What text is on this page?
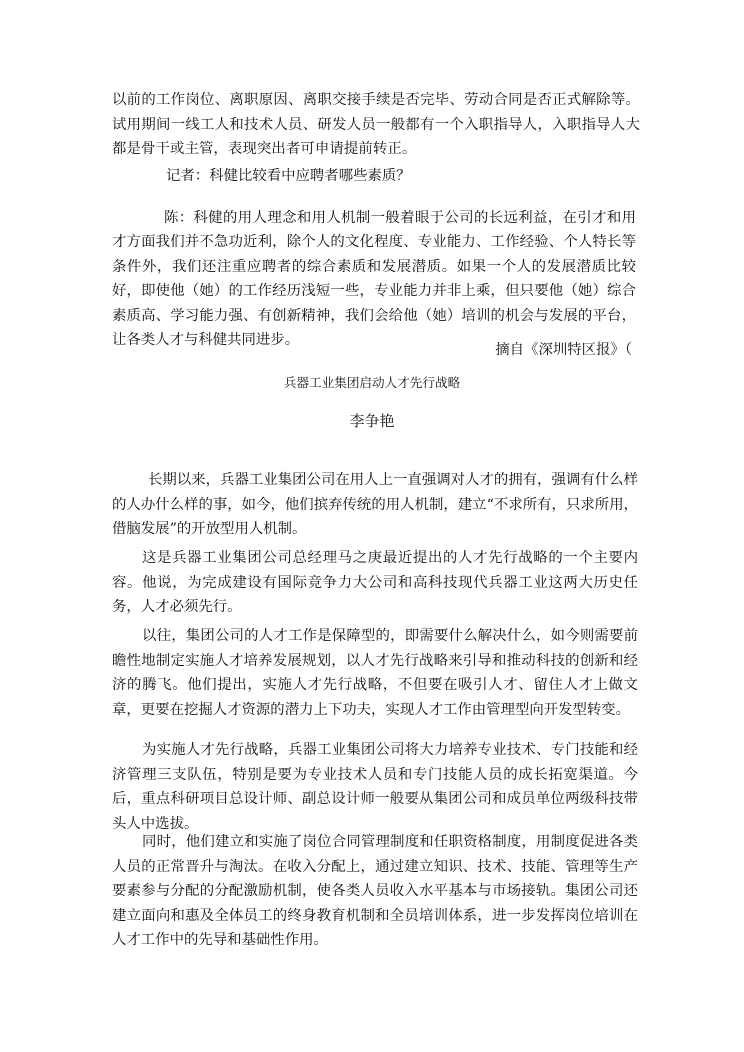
以前的工作岗位、离职原因、离职交接手续是否完毕、劳动合同是否正式解除等。试用期间一线工人和技术人员、研发人员一般都有一个入职指导人，入职指导人大都是骨干或主管，表现突出者可申请提前转正。

记者：科健比较看中应聘者哪些素质？

陈：科健的用人理念和用人机制一般着眼于公司的长远利益，在引才和用才方面我们并不急功近利，除个人的文化程度、专业能力、工作经验、个人特长等条件外，我们还注重应聘者的综合素质和发展潜质。如果一个人的发展潜质比较好，即使他（她）的工作经历浅短一些，专业能力并非上乘，但只要他（她）综合素质高、学习能力强、有创新精神，我们会给他（她）培训的机会与发展的平台，让各类人才与科健共同进步。

摘自《深圳特区报》（

兵器工业集团启动人才先行战略

李争艳

长期以来，兵器工业集团公司在用人上一直强调对人才的拥有，强调有什么样的人办什么样的事，如今，他们摈弃传统的用人机制，建立“不求所有，只求所用，借脑发展”的开放型用人机制。

这是兵器工业集团公司总经理马之庚最近提出的人才先行战略的一个主要内容。他说，为完成建设有国际竞争力大公司和高科技现代兵器工业这两大历史任务，人才必须先行。

以往，集团公司的人才工作是保障型的，即需要什么解决什么，如今则需要前瞻性地制定实施人才培养发展规划，以人才先行战略来引导和推动科技的创新和经济的腾飞。他们提出，实施人才先行战略，不但要在吸引人才、留住人才上做文章，更要在挖掘人才资源的潜力上下功夫，实现人才工作由管理型向开发型转变。

为实施人才先行战略，兵器工业集团公司将大力培养专业技术、专门技能和经济管理三支队伍，特别是要为专业技术人员和专门技能人员的成长拓宽渠道。今后，重点科研项目总设计师、副总设计师一般要从集团公司和成员单位两级科技带头人中选拔。

同时，他们建立和实施了岗位合同管理制度和任职资格制度，用制度促进各类人员的正常晋升与淘汰。在收入分配上，通过建立知识、技术、技能、管理等生产要素参与分配的分配激励机制，使各类人员收入水平基本与市场接轨。集团公司还建立面向和惠及全体员工的终身教育机制和全员培训体系，进一步发挥岗位培训在人才工作中的先导和基础性作用。
